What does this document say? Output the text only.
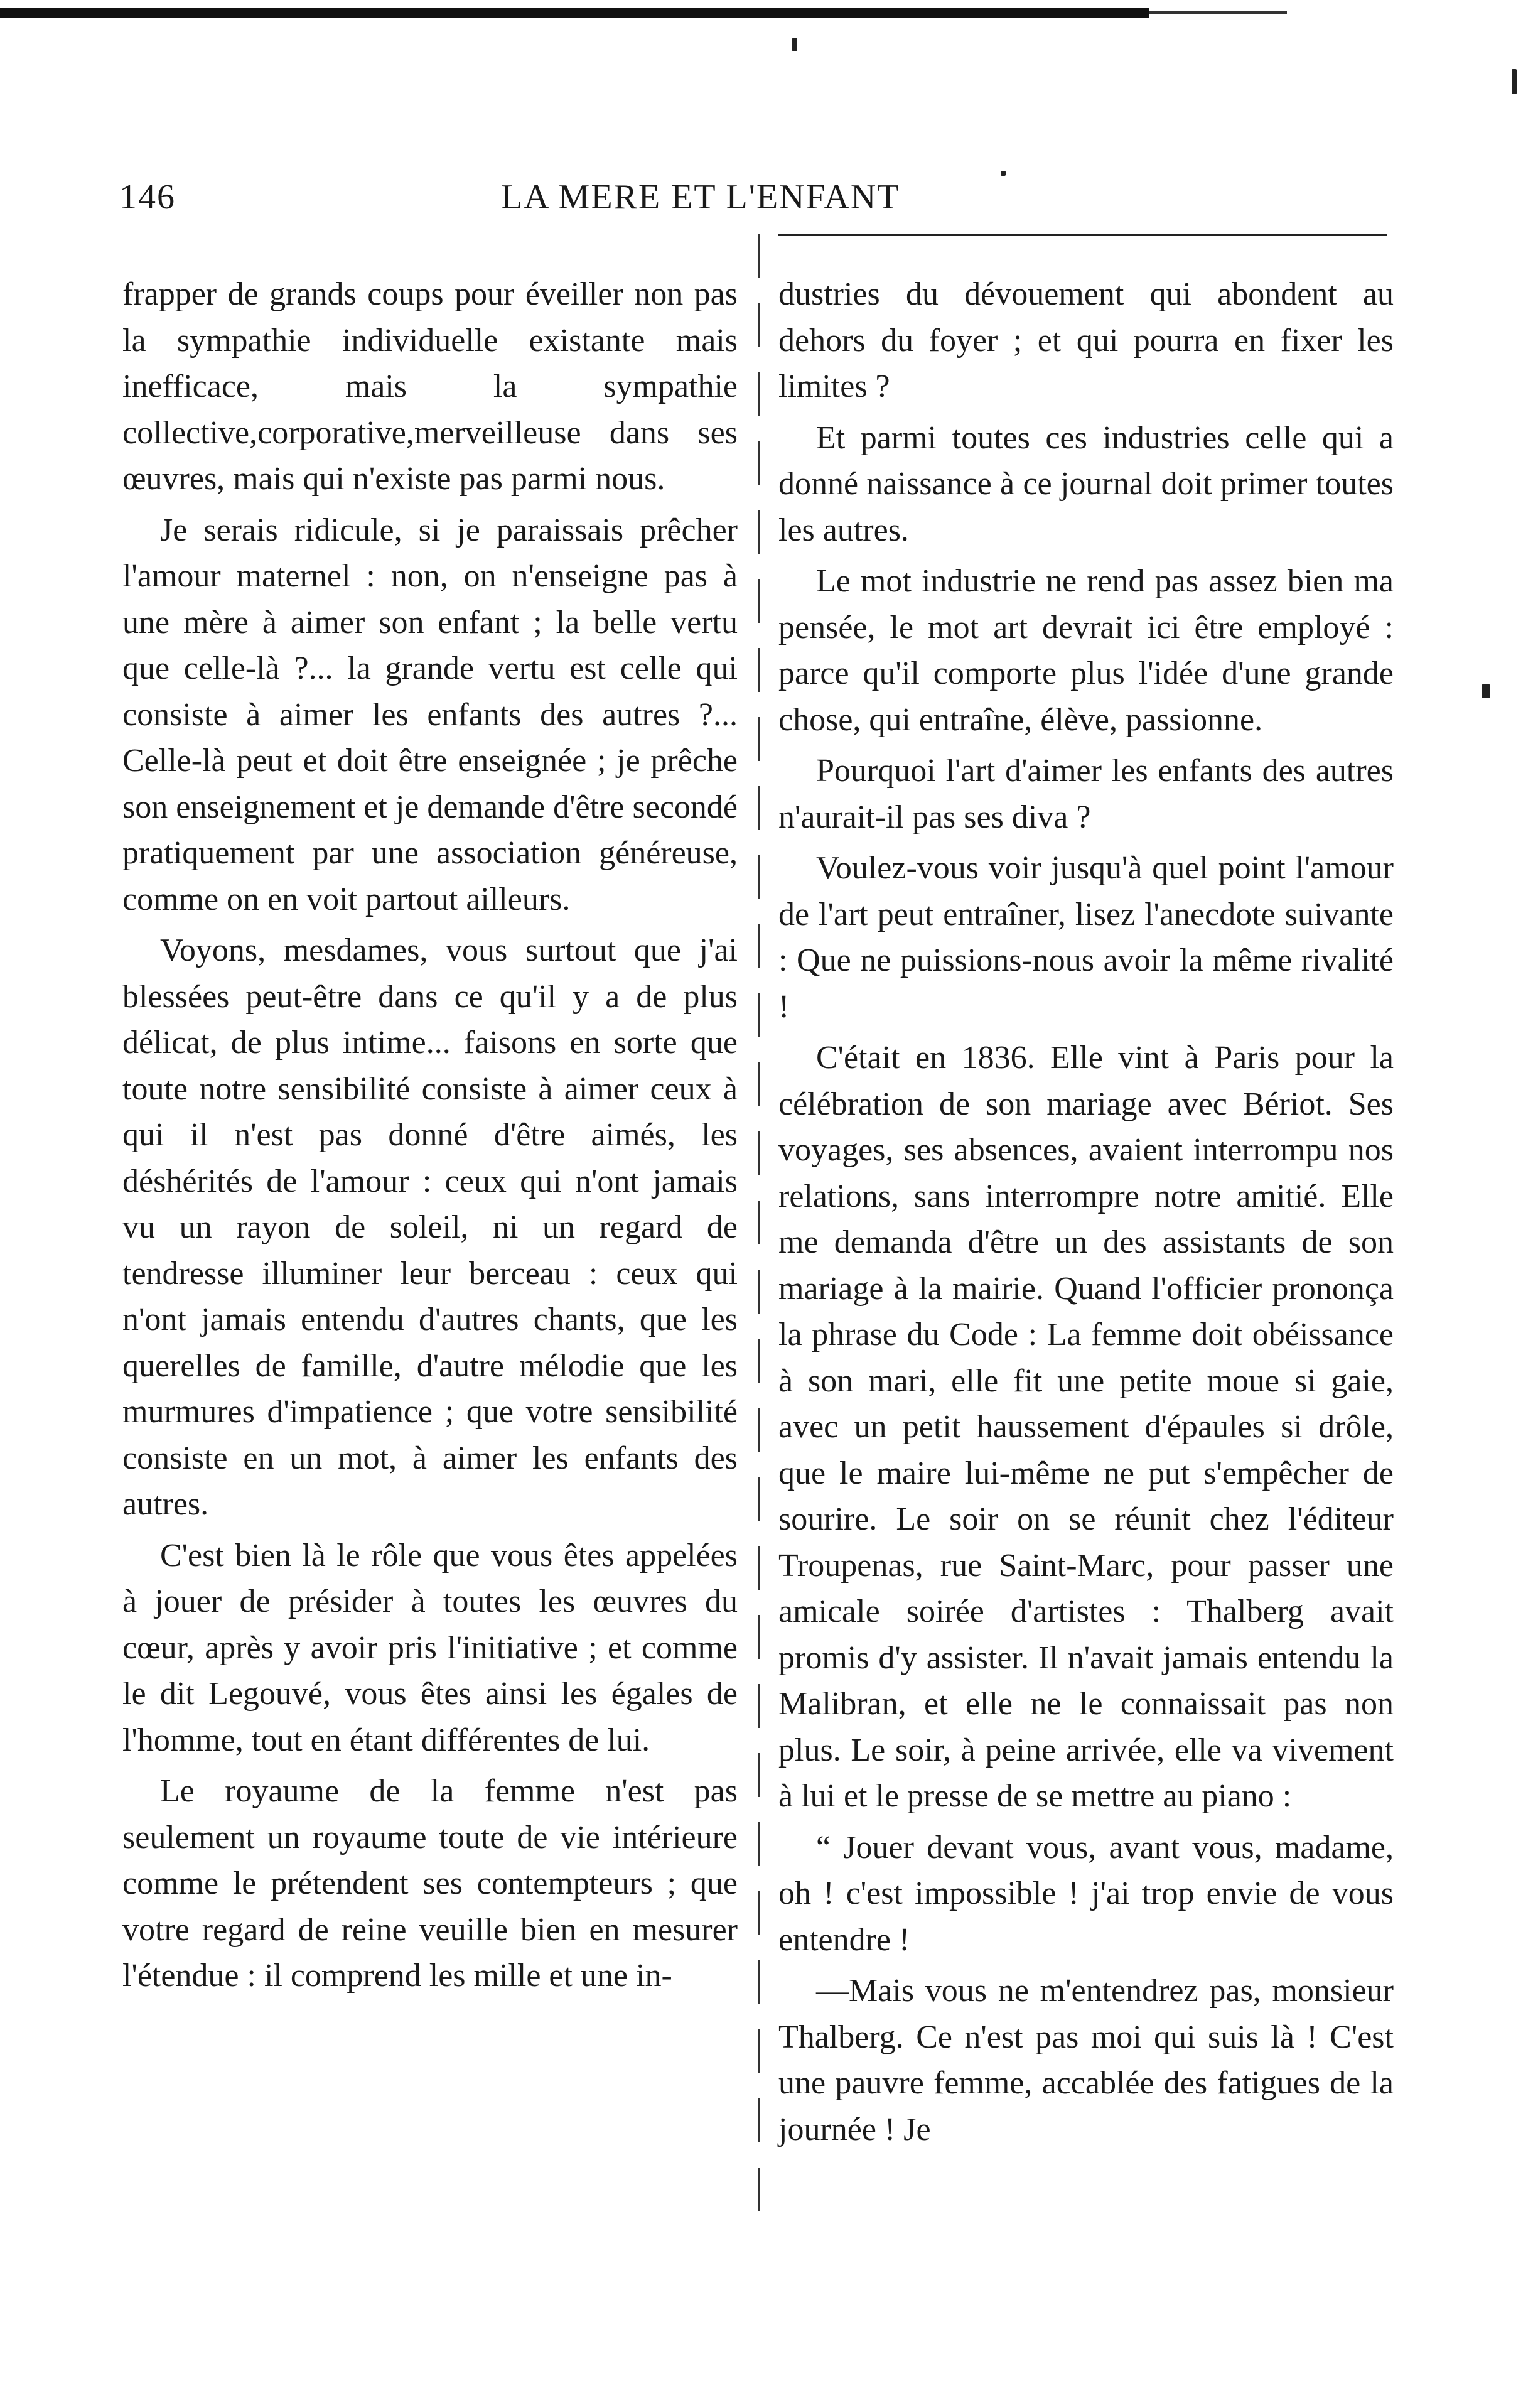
146	LA MERE ET L'ENFANT

frapper de grands coups pour éveiller non pas la sympathie individuelle existante mais inefficace, mais la sympathie collective,corporative,merveilleuse dans ses œuvres, mais qui n'existe pas parmi nous.

Je serais ridicule, si je paraissais prêcher l'amour maternel : non, on n'enseigne pas à une mère à aimer son enfant ; la belle vertu que celle-là ?... la grande vertu est celle qui consiste à aimer les enfants des autres ?... Celle-là peut et doit être enseignée ; je prêche son enseignement et je demande d'être secondé pratiquement par une association généreuse, comme on en voit partout ailleurs.

Voyons, mesdames, vous surtout que j'ai blessées peut-être dans ce qu'il y a de plus délicat, de plus intime... faisons en sorte que toute notre sensibilité consiste à aimer ceux à qui il n'est pas donné d'être aimés, les déshérités de l'amour : ceux qui n'ont jamais vu un rayon de soleil, ni un regard de tendresse illuminer leur berceau : ceux qui n'ont jamais entendu d'autres chants, que les querelles de famille, d'autre mélodie que les murmures d'impatience ; que votre sensibilité consiste en un mot, à aimer les enfants des autres.

C'est bien là le rôle que vous êtes appelées à jouer de présider à toutes les œuvres du cœur, après y avoir pris l'initiative ; et comme le dit Legouvé, vous êtes ainsi les égales de l'homme, tout en étant différentes de lui.

Le royaume de la femme n'est pas seulement un royaume toute de vie intérieure comme le prétendent ses contempteurs ; que votre regard de reine veuille bien en mesurer l'étendue : il comprend les mille et une in-

dustries du dévouement qui abondent au dehors du foyer ; et qui pourra en fixer les limites ?

Et parmi toutes ces industries celle qui a donné naissance à ce journal doit primer toutes les autres.

Le mot industrie ne rend pas assez bien ma pensée, le mot art devrait ici être employé : parce qu'il comporte plus l'idée d'une grande chose, qui entraîne, élève, passionne.

Pourquoi l'art d'aimer les enfants des autres n'aurait-il pas ses diva ?

Voulez-vous voir jusqu'à quel point l'amour de l'art peut entraîner, lisez l'anecdote suivante : Que ne puissions-nous avoir la même rivalité !

C'était en 1836. Elle vint à Paris pour la célébration de son mariage avec Bériot. Ses voyages, ses absences, avaient interrompu nos relations, sans interrompre notre amitié. Elle me demanda d'être un des assistants de son mariage à la mairie. Quand l'officier prononça la phrase du Code : La femme doit obéissance à son mari, elle fit une petite moue si gaie, avec un petit haussement d'épaules si drôle, que le maire lui-même ne put s'empêcher de sourire. Le soir on se réunit chez l'éditeur Troupenas, rue Saint-Marc, pour passer une amicale soirée d'artistes : Thalberg avait promis d'y assister. Il n'avait jamais entendu la Malibran, et elle ne le connaissait pas non plus. Le soir, à peine arrivée, elle va vivement à lui et le presse de se mettre au piano :

“ Jouer devant vous, avant vous, madame, oh ! c'est impossible ! j'ai trop envie de vous entendre !

—Mais vous ne m'entendrez pas, monsieur Thalberg. Ce n'est pas moi qui suis là ! C'est une pauvre femme, accablée des fatigues de la journée ! Je
